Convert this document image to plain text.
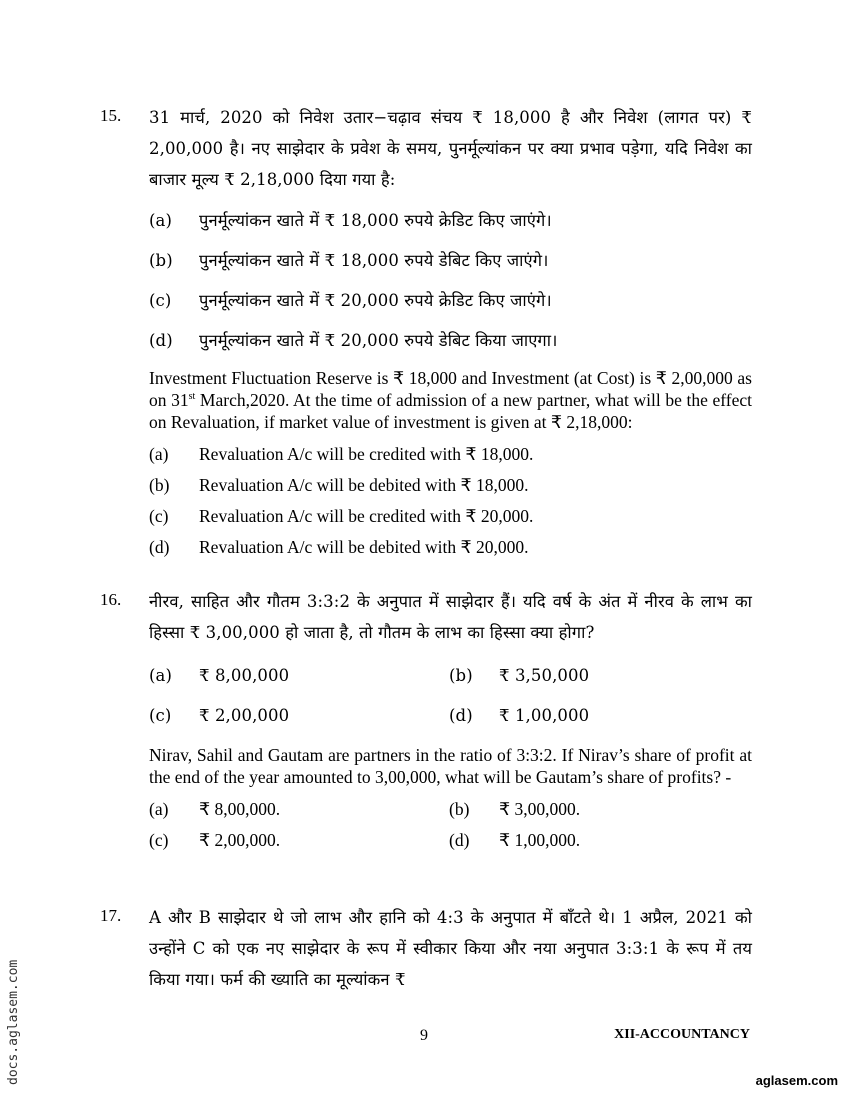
15. 31 मार्च, 2020 को निवेश उतार−चढ़ाव संचय ₹ 18,000 है और निवेश (लागत पर) ₹ 2,00,000 है। नए साझेदार के प्रवेश के समय, पुनर्मूल्यांकन पर क्या प्रभाव पड़ेगा, यदि निवेश का बाजार मूल्य ₹ 2,18,000 दिया गया है:
(a) पुनर्मूल्यांकन खाते में ₹ 18,000 रुपये क्रेडिट किए जाएंगे।
(b) पुनर्मूल्यांकन खाते में ₹ 18,000 रुपये डेबिट किए जाएंगे।
(c) पुनर्मूल्यांकन खाते में ₹ 20,000 रुपये क्रेडिट किए जाएंगे।
(d) पुनर्मूल्यांकन खाते में ₹ 20,000 रुपये डेबिट किया जाएगा।
Investment Fluctuation Reserve is ₹ 18,000 and Investment (at Cost) is ₹ 2,00,000 as on 31st March,2020. At the time of admission of a new partner, what will be the effect on Revaluation, if market value of investment is given at ₹ 2,18,000:
(a) Revaluation A/c will be credited with ₹ 18,000.
(b) Revaluation A/c will be debited with ₹ 18,000.
(c) Revaluation A/c will be credited with ₹ 20,000.
(d) Revaluation A/c will be debited with ₹ 20,000.
16. नीरव, साहित और गौतम 3:3:2 के अनुपात में साझेदार हैं। यदि वर्ष के अंत में नीरव के लाभ का हिस्सा ₹ 3,00,000 हो जाता है, तो गौतम के लाभ का हिस्सा क्या होगा?
(a) ₹ 8,00,000	(b) ₹ 3,50,000
(c) ₹ 2,00,000	(d) ₹ 1,00,000
Nirav, Sahil and Gautam are partners in the ratio of 3:3:2. If Nirav’s share of profit at the end of the year amounted to 3,00,000, what will be Gautam’s share of profits? -
(a) ₹ 8,00,000.	(b) ₹ 3,00,000.
(c) ₹ 2,00,000.	(d) ₹ 1,00,000.
17. A और B साझेदार थे जो लाभ और हानि को 4:3 के अनुपात में बाँटते थे। 1 अप्रैल, 2021 को उन्होंने C को एक नए साझेदार के रूप में स्वीकार किया और नया अनुपात 3:3:1 के रूप में तय किया गया। फर्म की ख्याति का मूल्यांकन ₹
9	XII-ACCOUNTANCY
docs.aglasem.com	aglasem.com
